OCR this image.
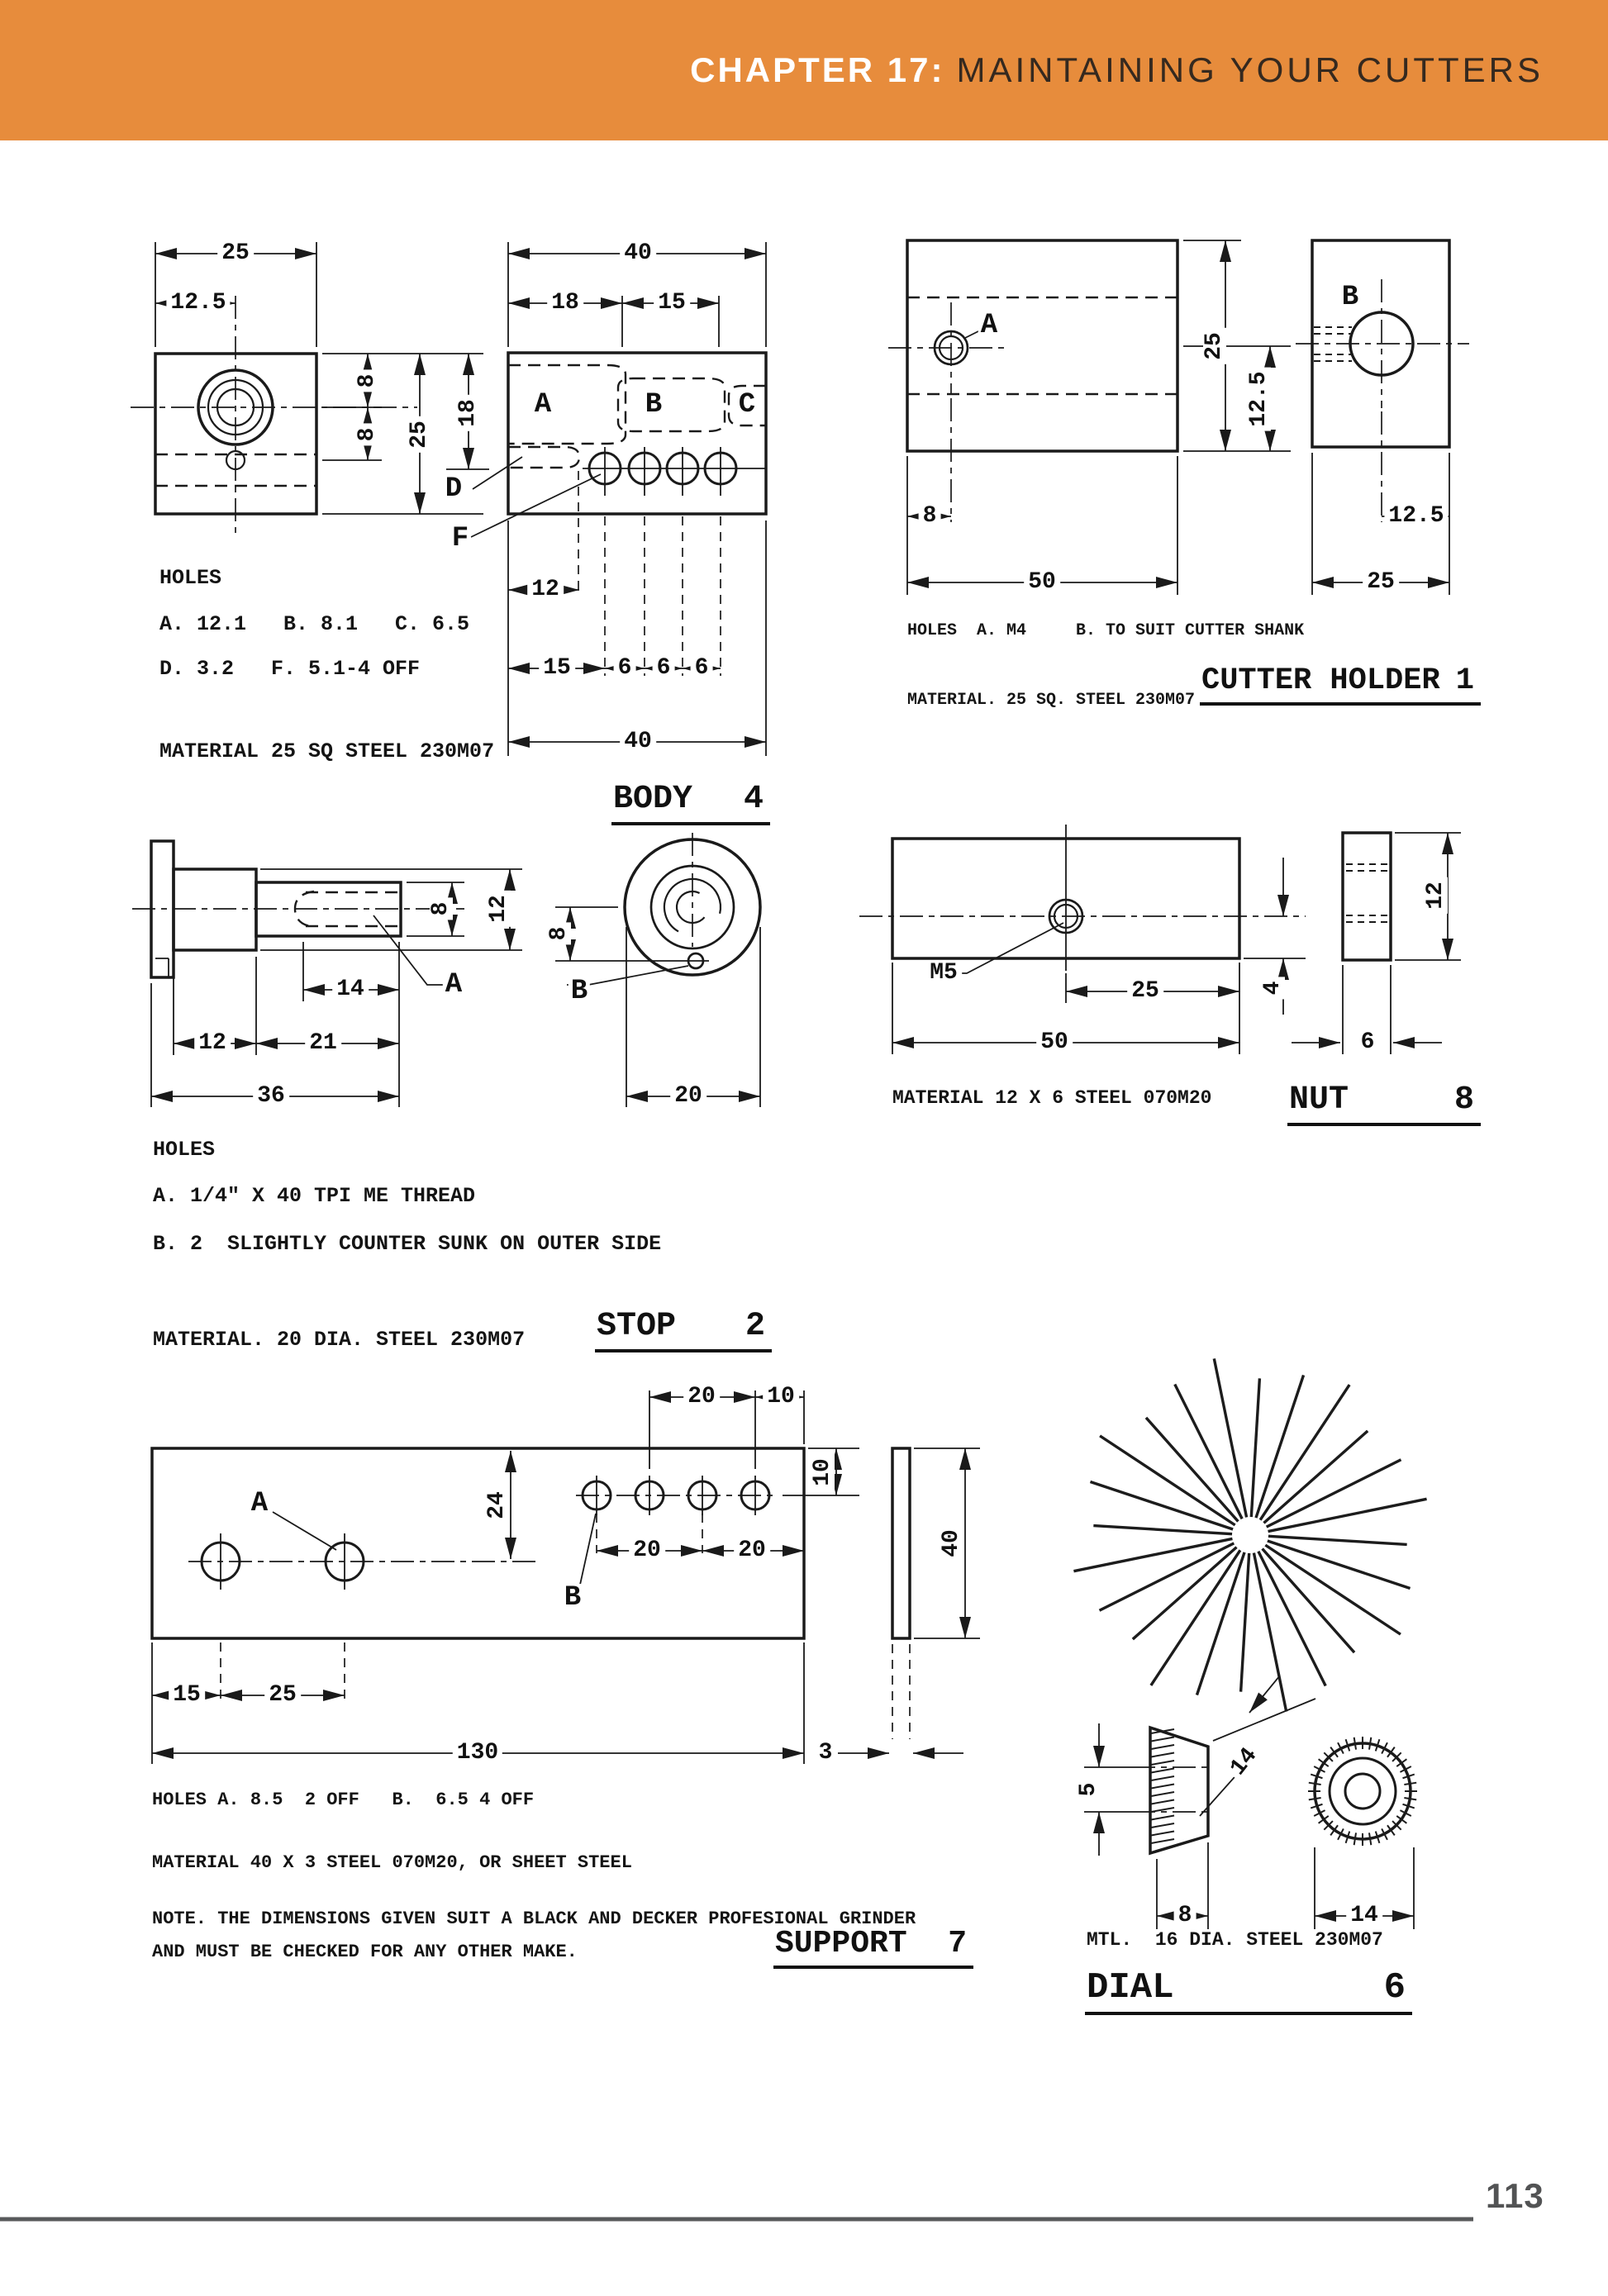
CHAPTER 17: MAINTAINING YOUR CUTTERS
25
12.5
8
8 25
18
40
18	15
D
F
A	B	C
12
15 6 6 6
40
A
B
8
50
25
12.5
12.5
25
A
8 12
14
12	21
36
8
B
20
M5
25
50
4
12
6
20 10
10
24
A
B
20	20
15	25
130
40
3
5
8
14
14
HOLES
A. 12.1   B. 8.1   C. 6.5
D. 3.2   F. 5.1-4 OFF
MATERIAL 25 SQ STEEL 230M07
HOLES  A. M4     B. TO SUIT CUTTER SHANK
MATERIAL. 25 SQ. STEEL 230M07
HOLES
A. 1/4" X 40 TPI ME THREAD
B. 2  SLIGHTLY COUNTER SUNK ON OUTER SIDE
MATERIAL. 20 DIA. STEEL 230M07
MATERIAL 12 X 6 STEEL 070M20
HOLES A. 8.5  2 OFF   B.  6.5 4 OFF
MATERIAL 40 X 3 STEEL 070M20, OR SHEET STEEL
NOTE. THE DIMENSIONS GIVEN SUIT A BLACK AND DECKER PROFESIONAL GRINDER
AND MUST BE CHECKED FOR ANY OTHER MAKE.
MTL.  16 DIA. STEEL 230M07
BODY 4
CUTTER HOLDER 1
STOP 2
NUT	8
SUPPORT 7
DIAL	6
113
